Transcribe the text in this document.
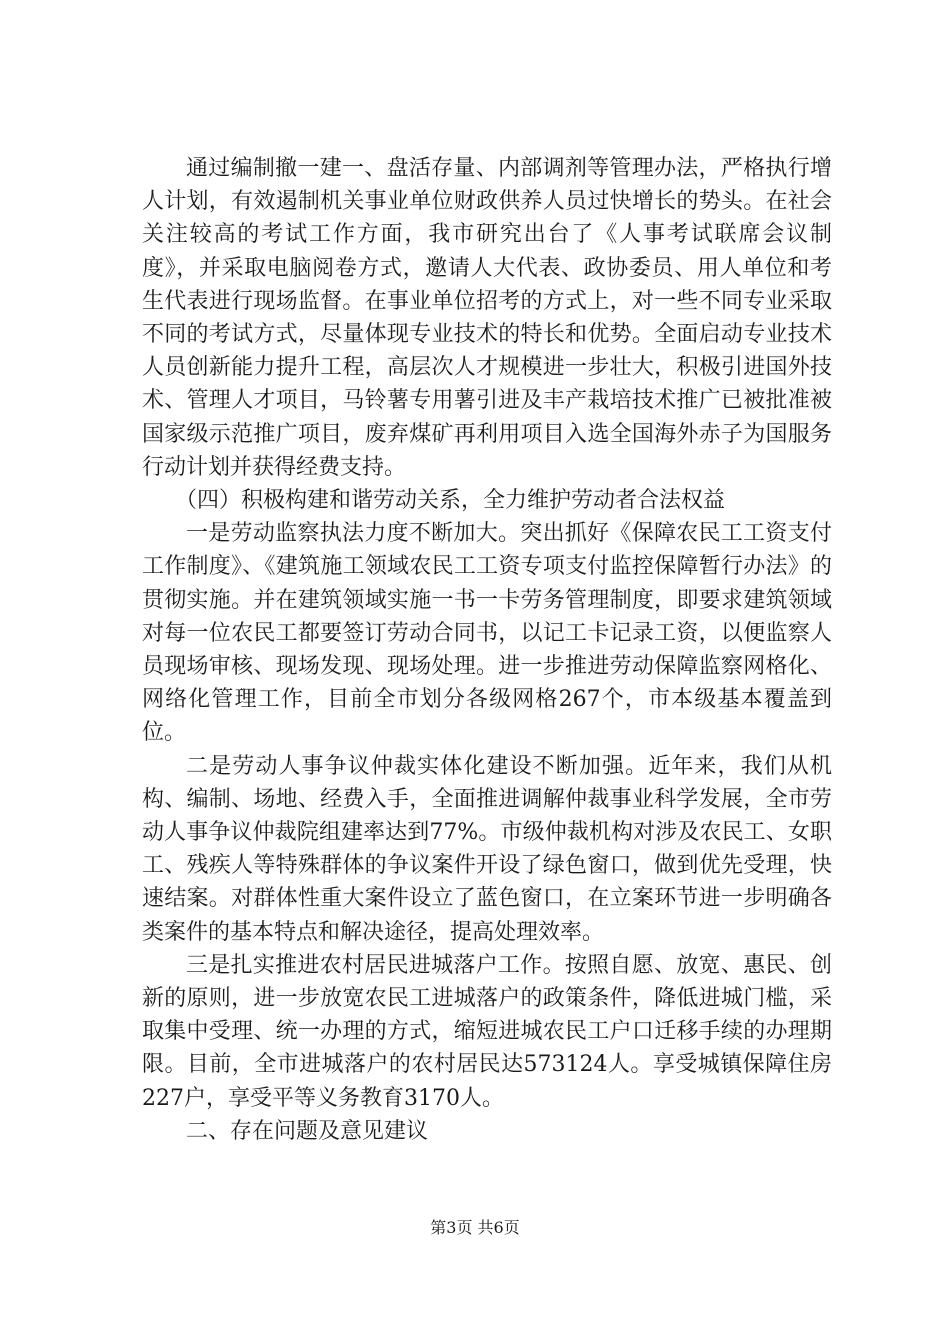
通过编制撤一建一、盘活存量、内部调剂等管理办法，严格执行增人计划，有效遏制机关事业单位财政供养人员过快增长的势头。在社会关注较高的考试工作方面，我市研究出台了《人事考试联席会议制度》，并采取电脑阅卷方式，邀请人大代表、政协委员、用人单位和考生代表进行现场监督。在事业单位招考的方式上，对一些不同专业采取不同的考试方式，尽量体现专业技术的特长和优势。全面启动专业技术人员创新能力提升工程，高层次人才规模进一步壮大，积极引进国外技术、管理人才项目，马铃薯专用薯引进及丰产栽培技术推广已被批准被国家级示范推广项目，废弃煤矿再利用项目入选全国海外赤子为国服务行动计划并获得经费支持。

（四）积极构建和谐劳动关系，全力维护劳动者合法权益

一是劳动监察执法力度不断加大。突出抓好《保障农民工工资支付工作制度》、《建筑施工领域农民工工资专项支付监控保障暂行办法》的贯彻实施。并在建筑领域实施一书一卡劳务管理制度，即要求建筑领域对每一位农民工都要签订劳动合同书，以记工卡记录工资，以便监察人员现场审核、现场发现、现场处理。进一步推进劳动保障监察网格化、网络化管理工作，目前全市划分各级网格267个，市本级基本覆盖到位。

二是劳动人事争议仲裁实体化建设不断加强。近年来，我们从机构、编制、场地、经费入手，全面推进调解仲裁事业科学发展，全市劳动人事争议仲裁院组建率达到77%。市级仲裁机构对涉及农民工、女职工、残疾人等特殊群体的争议案件开设了绿色窗口，做到优先受理，快速结案。对群体性重大案件设立了蓝色窗口，在立案环节进一步明确各类案件的基本特点和解决途径，提高处理效率。

三是扎实推进农村居民进城落户工作。按照自愿、放宽、惠民、创新的原则，进一步放宽农民工进城落户的政策条件，降低进城门槛，采取集中受理、统一办理的方式，缩短进城农民工户口迁移手续的办理期限。目前，全市进城落户的农村居民达573124人。享受城镇保障住房227户，享受平等义务教育3170人。

二、存在问题及意见建议

第3页 共6页
